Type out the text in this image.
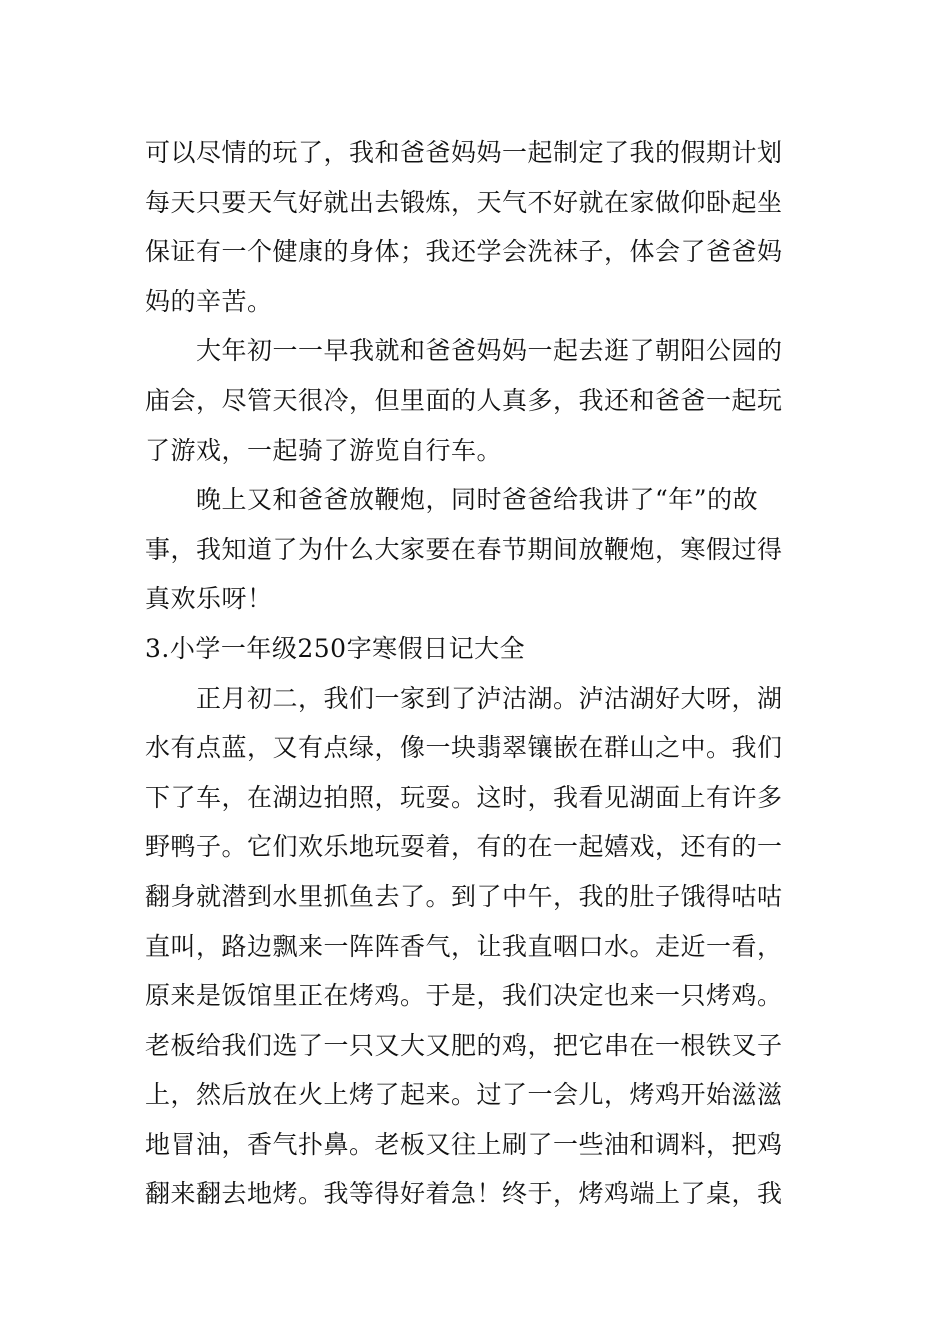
可以尽情的玩了，我和爸爸妈妈一起制定了我的假期计划
每天只要天气好就出去锻炼，天气不好就在家做仰卧起坐
保证有一个健康的身体；我还学会洗袜子，体会了爸爸妈
妈的辛苦。
　　大年初一一早我就和爸爸妈妈一起去逛了朝阳公园的
庙会，尽管天很冷，但里面的人真多，我还和爸爸一起玩
了游戏，一起骑了游览自行车。
　　晚上又和爸爸放鞭炮，同时爸爸给我讲了“年”的故
事，我知道了为什么大家要在春节期间放鞭炮，寒假过得
真欢乐呀！
3.小学一年级250字寒假日记大全
　　正月初二，我们一家到了泸沽湖。泸沽湖好大呀，湖
水有点蓝，又有点绿，像一块翡翠镶嵌在群山之中。我们
下了车，在湖边拍照，玩耍。这时，我看见湖面上有许多
野鸭子。它们欢乐地玩耍着，有的在一起嬉戏，还有的一
翻身就潜到水里抓鱼去了。到了中午，我的肚子饿得咕咕
直叫，路边飘来一阵阵香气，让我直咽口水。走近一看，
原来是饭馆里正在烤鸡。于是，我们决定也来一只烤鸡。
老板给我们选了一只又大又肥的鸡，把它串在一根铁叉子
上，然后放在火上烤了起来。过了一会儿，烤鸡开始滋滋
地冒油，香气扑鼻。老板又往上刷了一些油和调料，把鸡
翻来翻去地烤。我等得好着急！终于，烤鸡端上了桌，我
